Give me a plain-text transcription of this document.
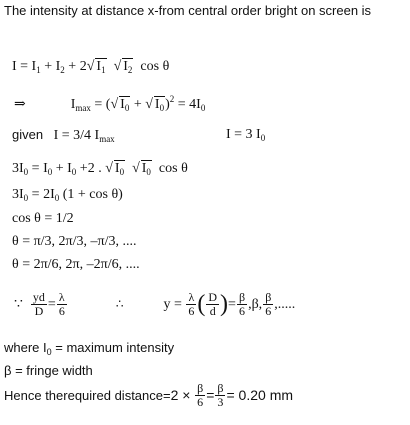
The intensity at distance x-from central order bright on screen is
$I = I_1 + I_2 + 2√$ $I_1$  √ $I_2$ cos θ
⇒	$I_{max}$ = (√ $I_0$ + √ $I_0)^2 = 4I_0$
given I = 3/4 $I_{max}$	I = 3 $I_0$
$3I_0 = I_0 + I_0 +2$ . √ $I_0$  √ $I_0$ cos θ
$3I_0 = 2I_0$ (1 + cos θ)
cos θ = 1/2
θ = π/3, 2π/3, –π/3, ....
θ = 2π/6, 2π, –2π/6, ....
∵
$\frac{yd}{D} = \frac{\lambda}{6}$	∴	y =
$\frac{\lambda}{6}$ ( $\frac{D}{d}$ ) = $\frac{\beta}{6} ,\beta$, $\frac{\beta}{6}$ ,.....
where $I_0$ = maximum intensity
β = fringe width
Hence therequired distance= 2 ×
$\frac{\beta}{6} = \frac{\beta}{3} = 0.20$ mm
